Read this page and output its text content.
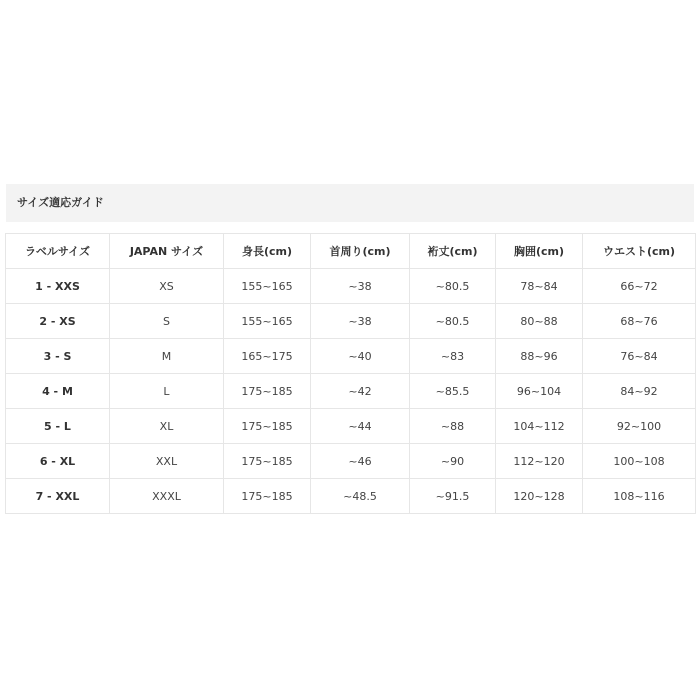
サイズ適応ガイド
ラベルサイズ	JAPAN サイズ	身長(cm)	首周り(cm)	裄丈(cm)	胸囲(cm)	ウエスト(cm)
1 - XXS	XS	155~165	~38	~80.5	78~84	66~72
2 - XS	S	155~165	~38	~80.5	80~88	68~76
3 - S	M	165~175	~40	~83	88~96	76~84
4 - M	L	175~185	~42	~85.5	96~104	84~92
5 - L	XL	175~185	~44	~88	104~112	92~100
6 - XL	XXL	175~185	~46	~90	112~120	100~108
7 - XXL	XXXL	175~185	~48.5	~91.5	120~128	108~116
